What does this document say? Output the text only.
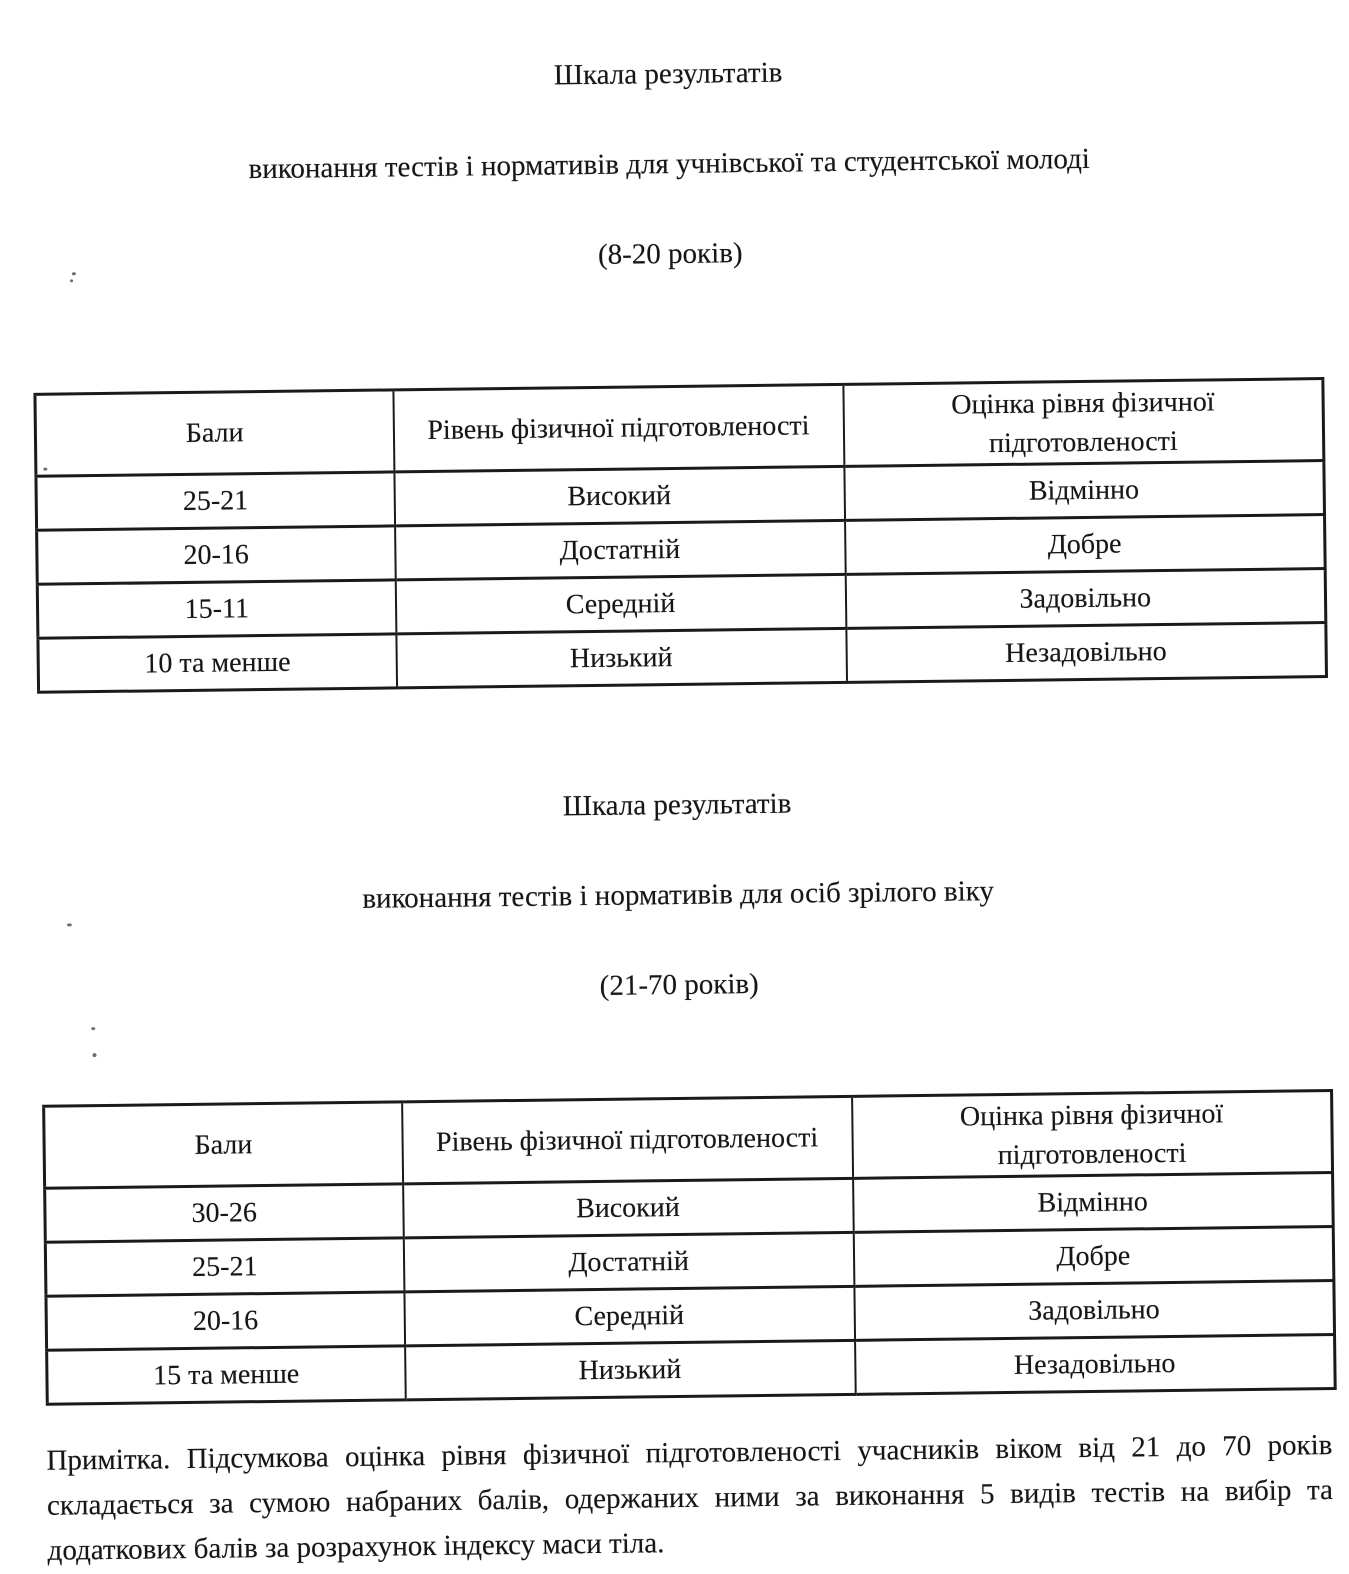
Шкала результатів

виконання тестів і нормативів для учнівської та студентської молоді

(8-20 років)

Бали	Рівень фізичної підготовленості	Оцінка рівня фізичної підготовленості
25-21	Високий	Відмінно
20-16	Достатній	Добре
15-11	Середній	Задовільно
10 та менше	Низький	Незадовільно

Шкала результатів

виконання тестів і нормативів для осіб зрілого віку

(21-70 років)

Бали	Рівень фізичної підготовленості	Оцінка рівня фізичної підготовленості
30-26	Високий	Відмінно
25-21	Достатній	Добре
20-16	Середній	Задовільно
15 та менше	Низький	Незадовільно

Примітка. Підсумкова оцінка рівня фізичної підготовленості учасників віком від 21 до 70 років складається за сумою набраних балів, одержаних ними за виконання 5 видів тестів на вибір та додаткових балів за розрахунок індексу маси тіла.
